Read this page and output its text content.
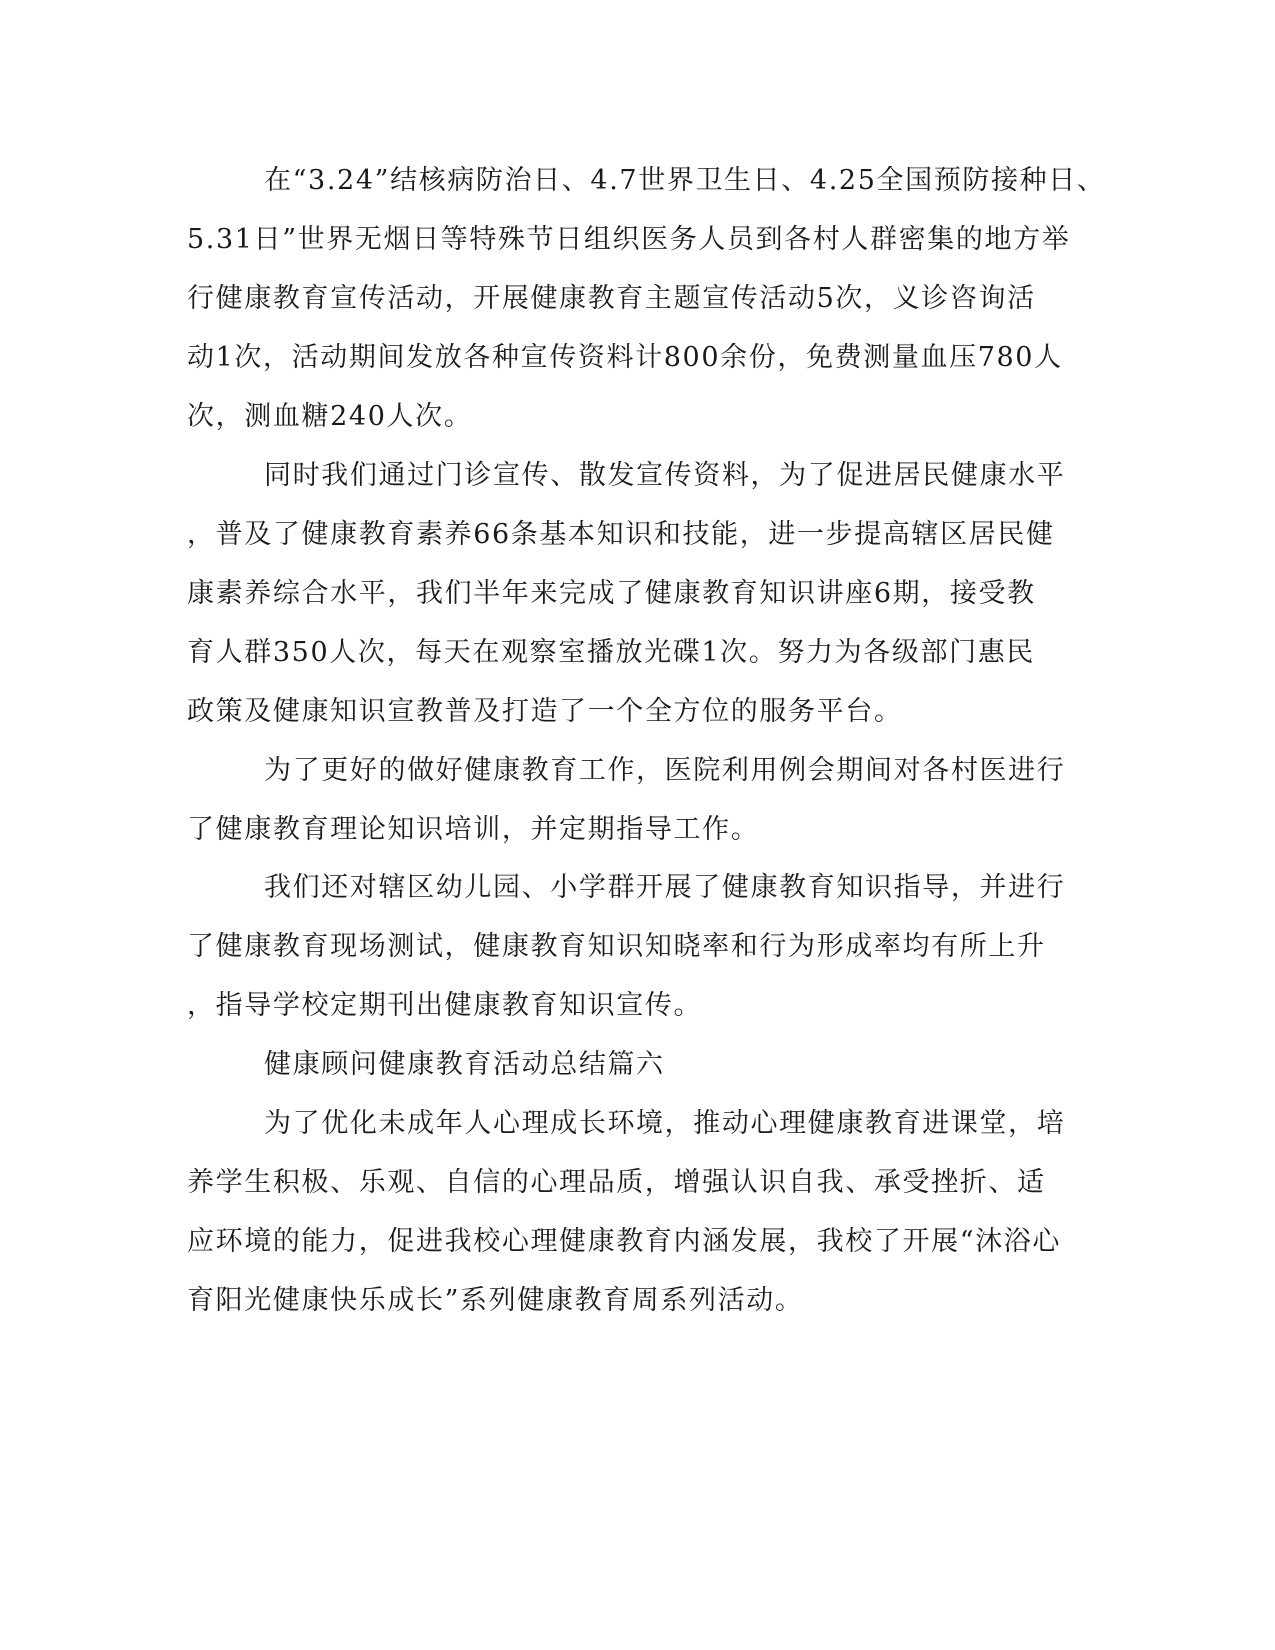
在“3.24”结核病防治日、4.7世界卫生日、4.25全国预防接种日、

5.31日”世界无烟日等特殊节日组织医务人员到各村人群密集的地方举

行健康教育宣传活动，开展健康教育主题宣传活动5次，义诊咨询活

动1次，活动期间发放各种宣传资料计800余份，免费测量血压780人

次，测血糖240人次。

同时我们通过门诊宣传、散发宣传资料，为了促进居民健康水平

，普及了健康教育素养66条基本知识和技能，进一步提高辖区居民健

康素养综合水平，我们半年来完成了健康教育知识讲座6期，接受教

育人群350人次，每天在观察室播放光碟1次。努力为各级部门惠民

政策及健康知识宣教普及打造了一个全方位的服务平台。

为了更好的做好健康教育工作，医院利用例会期间对各村医进行

了健康教育理论知识培训，并定期指导工作。

我们还对辖区幼儿园、小学群开展了健康教育知识指导，并进行

了健康教育现场测试，健康教育知识知晓率和行为形成率均有所上升

，指导学校定期刊出健康教育知识宣传。

健康顾问健康教育活动总结篇六

为了优化未成年人心理成长环境，推动心理健康教育进课堂，培

养学生积极、乐观、自信的心理品质，增强认识自我、承受挫折、适

应环境的能力，促进我校心理健康教育内涵发展，我校了开展“沐浴心

育阳光健康快乐成长”系列健康教育周系列活动。
